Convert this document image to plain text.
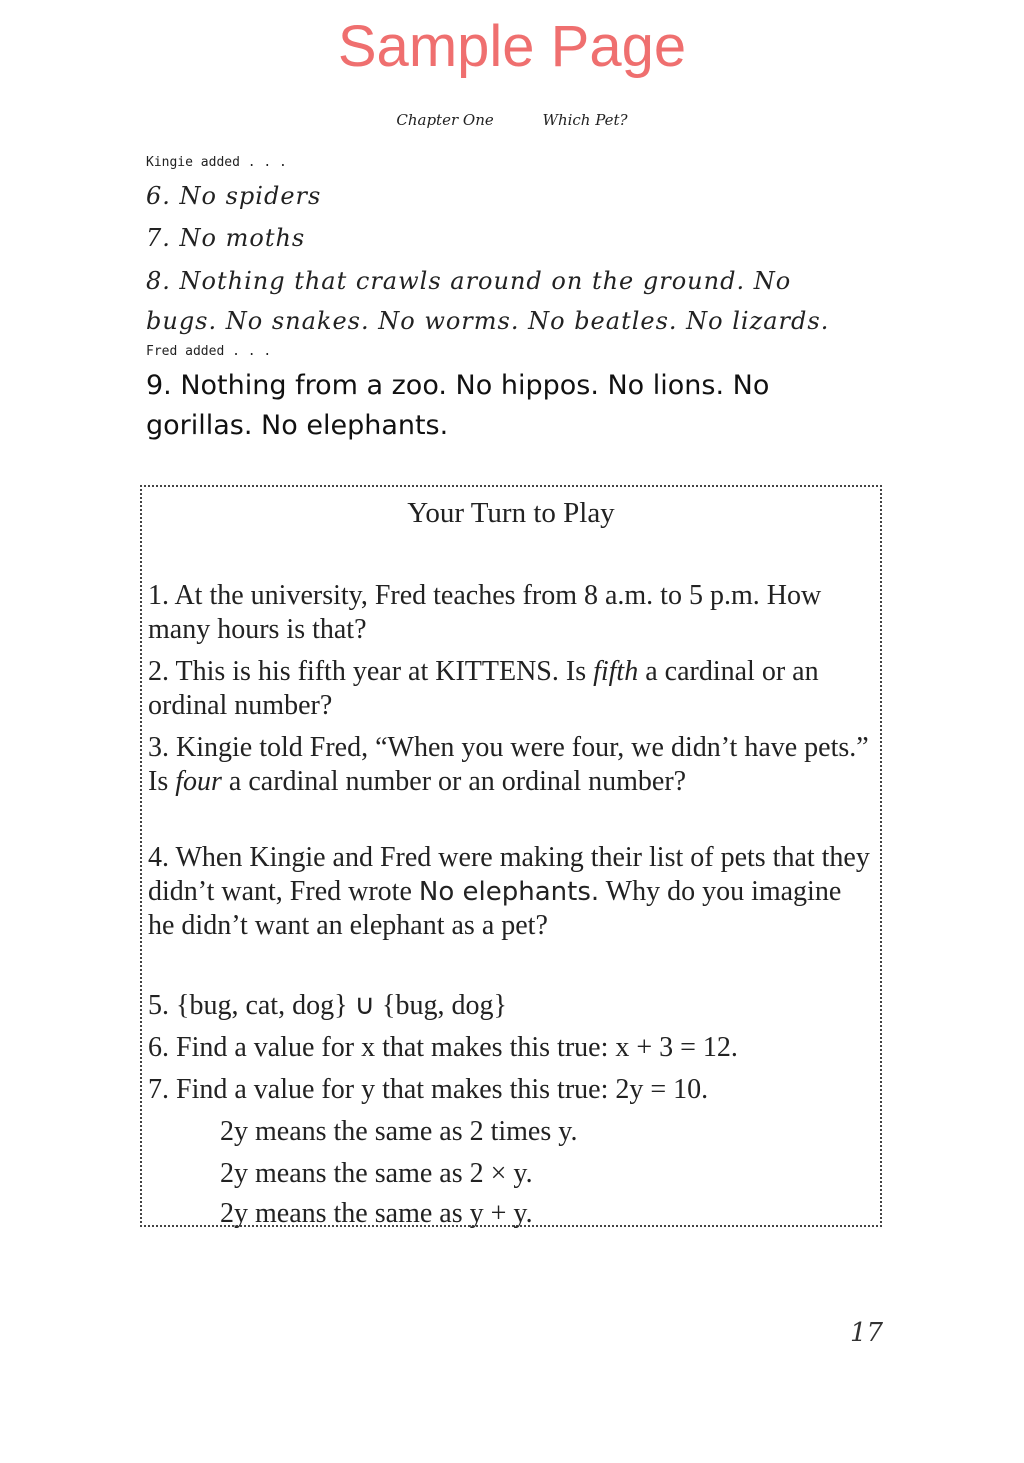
Sample Page
Chapter One	Which Pet?
Kingie added . . .
6. No spiders
7. No moths
8. Nothing that crawls around on the ground. No bugs. No snakes. No worms. No beatles. No lizards.
Fred added . . .
9. Nothing from a zoo. No hippos. No lions. No gorillas. No elephants.
Your Turn to Play
1. At the university, Fred teaches from 8 a.m. to 5 p.m. How many hours is that?
2. This is his fifth year at KITTENS. Is fifth a cardinal or an ordinal number?
3. Kingie told Fred, “When you were four, we didn’t have pets.” Is four a cardinal number or an ordinal number?
4. When Kingie and Fred were making their list of pets that they didn’t want, Fred wrote No elephants. Why do you imagine he didn’t want an elephant as a pet?
5. {bug, cat, dog} ∪ {bug, dog}
6. Find a value for x that makes this true: x + 3 = 12.
7. Find a value for y that makes this true: 2y = 10.
2y means the same as 2 times y.
2y means the same as 2 × y.
2y means the same as y + y.
17
